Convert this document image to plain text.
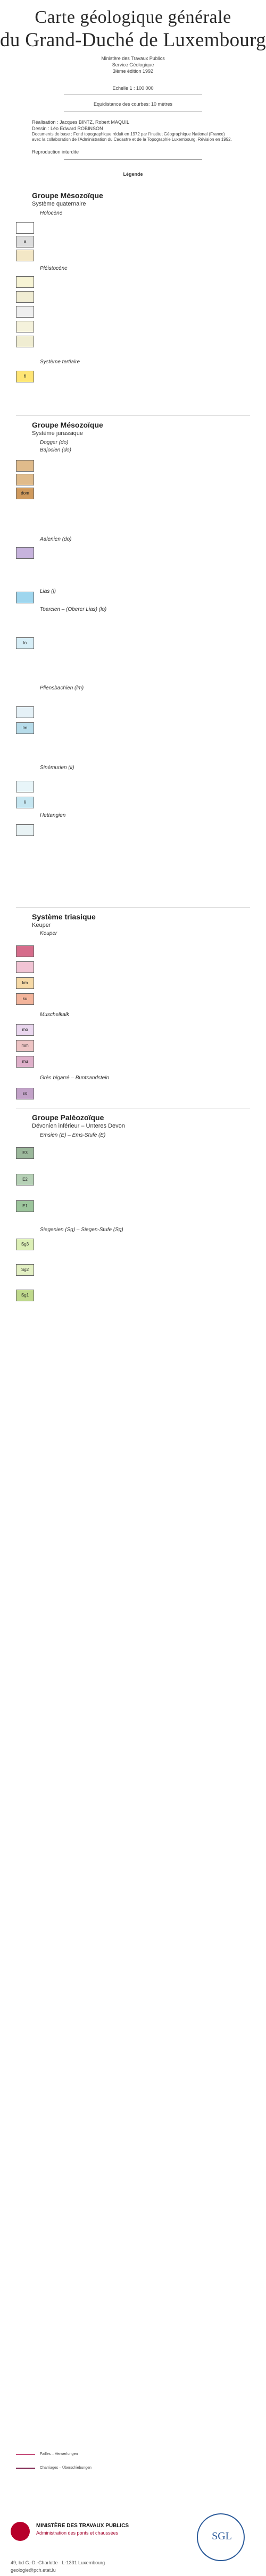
Carte géologique générale
du Grand-Duché de Luxembourg
Ministère des Travaux Publics
Service Géologique
3ième édition 1992
Echelle 1 : 100 000
Equidistance des courbes: 10 mètres
Réalisation : Jacques BINTZ, Robert MAQUIL
Dessin : Léo Edward ROBINSON
Documents de base : Fond topographique réduit en 1972 par l'Institut Géographique National (France) avec la collaboration de l'Administration du Cadastre et de la Topographie Luxembourg. Révision en 1992.
Reproduction interdite
Légende
Groupe Mésozoïque
Système quaternaire
Holocène
a
Pléistocène
Système tertiaire
fl
Groupe Mésozoïque
Système jurassique
Dogger (do)
Bajocien (do)
dom
Aalenien (do)
Lias (l)
Toarcien – (Oberer Lias) (lo)
lo
Pliensbachien (lm)
lm
Sinémurien (li)
li
Hettangien
Système triasique
Keuper
Keuper
km
ku
Muschelkalk
mo
mm
mu
Grès bigarré – Buntsandstein
so
Groupe Paléozoïque
Dévonien inférieur – Unteres Devon
Emsien (E) – Ems-Stufe (E)
E3
E2
E1
Siegenien (Sg) – Siegen-Stufe (Sg)
Sg3
Sg2
Sg1
Failles – Verwerfungen
Charriages – Überschiebungen
MINISTÈRE DES TRAVAUX PUBLICS
Administration des ponts et chaussées	SGL
49, bd G.-D.-Charlotte · L-1331 Luxembourg
geologie@pch.etat.lu
